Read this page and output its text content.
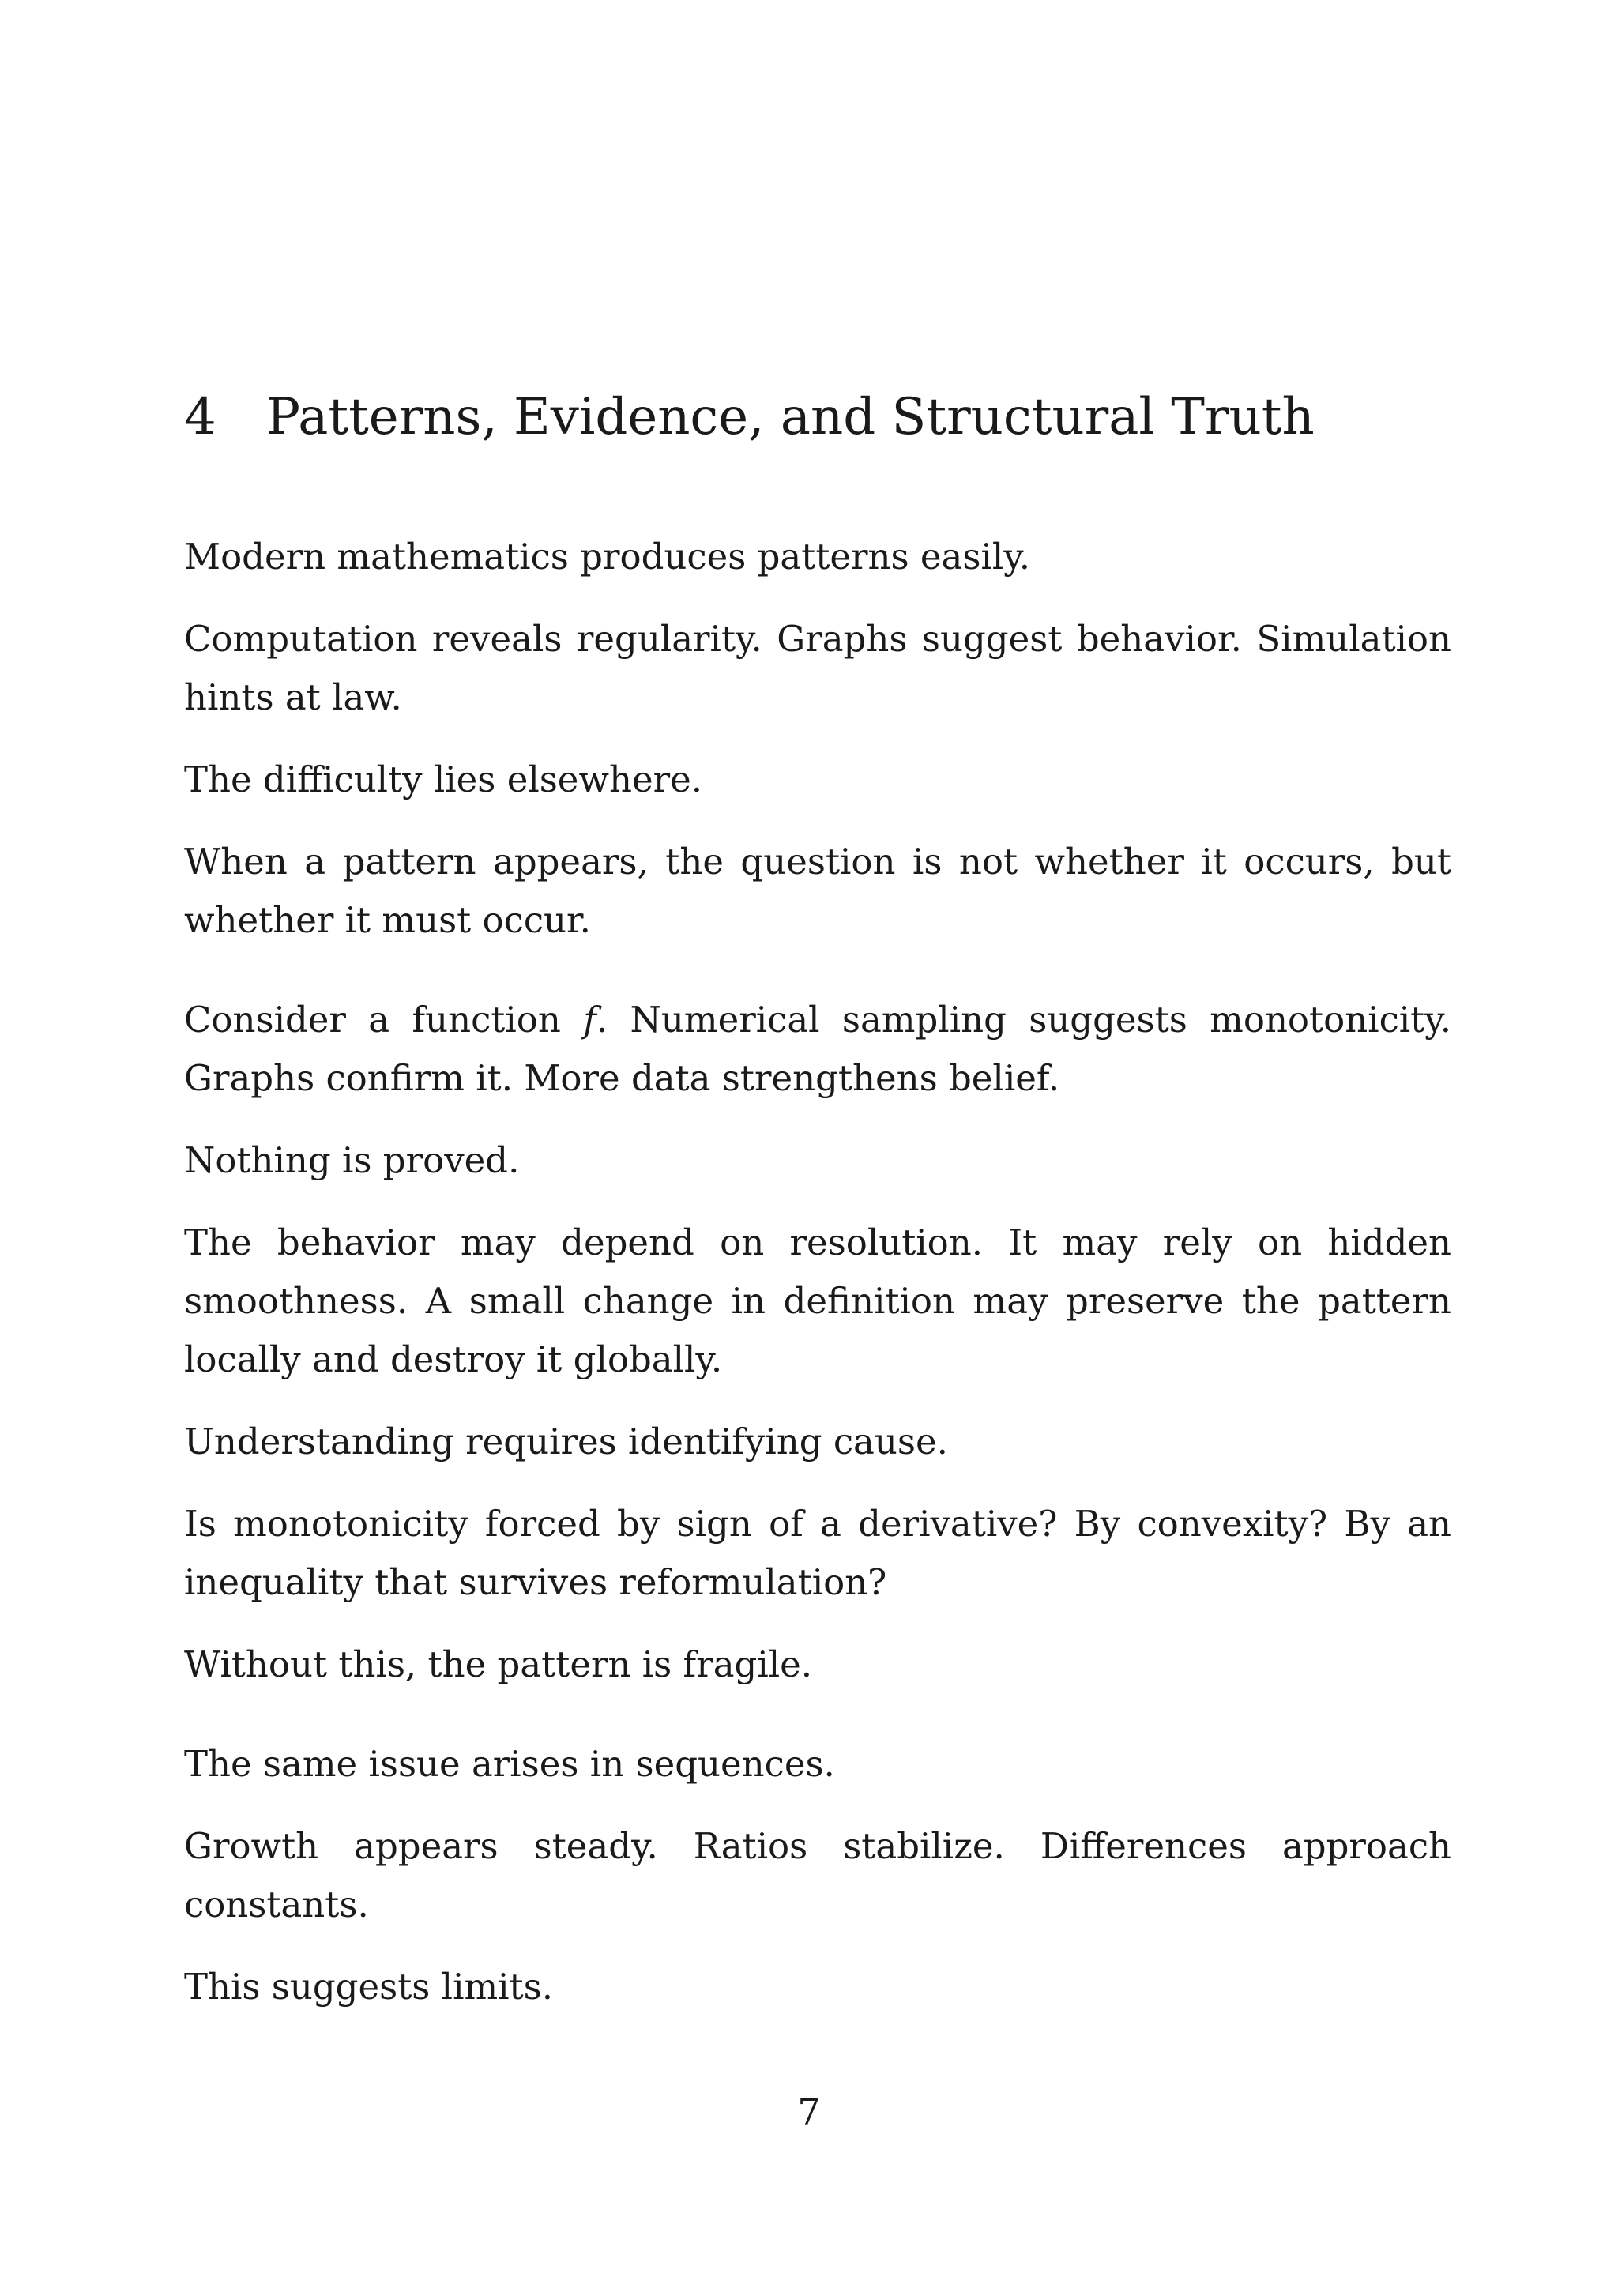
4 Patterns, Evidence, and Structural Truth

Modern mathematics produces patterns easily.

Computation reveals regularity. Graphs suggest behavior. Simulation hints at law.

The difficulty lies elsewhere.

When a pattern appears, the question is not whether it occurs, but whether it must occur.

Consider a function f. Numerical sampling suggests monotonicity. Graphs confirm it. More data strengthens belief.

Nothing is proved.

The behavior may depend on resolution. It may rely on hidden smoothness. A small change in definition may preserve the pattern locally and destroy it globally.

Understanding requires identifying cause.

Is monotonicity forced by sign of a derivative? By convexity? By an inequality that survives reformulation?

Without this, the pattern is fragile.

The same issue arises in sequences.

Growth appears steady. Ratios stabilize. Differences approach constants.

This suggests limits.

7
